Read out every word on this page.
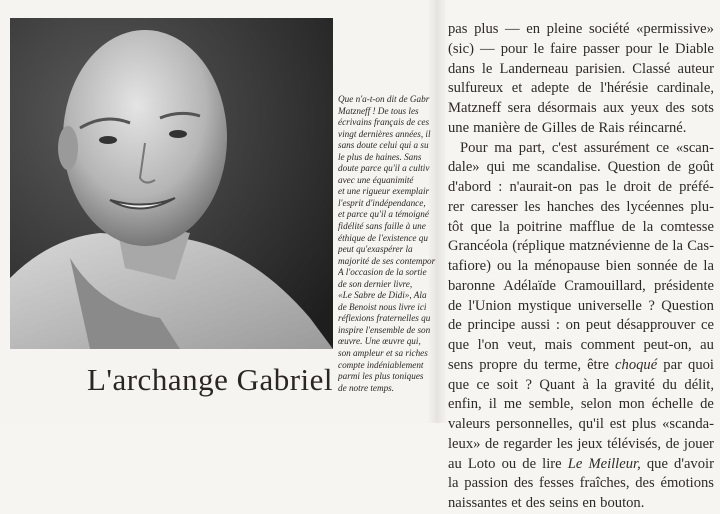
Que n'a-t-on dit de Gabr
Matzneff ! De tous les
écrivains français de ces
vingt dernières années, il
sans doute celui qui a su
le plus de haines. Sans
doute parce qu'il a cultiv
avec une équanimité
et une rigueur exemplair
l'esprit d'indépendance,
et parce qu'il a témoigné
fidélité sans faille à une
éthique de l'existence qu
peut qu'exaspérer la
majorité de ses contempor
A l'occasion de la sortie
de son dernier livre,
«Le Sabre de Didi», Ala
de Benoist nous livre ici
réflexions fraternelles qu
inspire l'ensemble de son
œuvre. Une œuvre qui,
son ampleur et sa riches
compte indéniablement
parmi les plus toniques
de notre temps.
L'archange Gabriel
pas plus — en pleine société «permissive»
(sic) — pour le faire passer pour le Diable
dans le Landerneau parisien. Classé auteur
sulfureux et adepte de l'hérésie cardinale,
Matzneff sera désormais aux yeux des sots
une manière de Gilles de Rais réincarné.
Pour ma part, c'est assurément ce «scan-
dale» qui me scandalise. Question de goût
d'abord : n'aurait-on pas le droit de préfé-
rer caresser les hanches des lycéennes plu-
tôt que la poitrine mafflue de la comtesse
Grancéola (réplique matznévienne de la Cas-
tafiore) ou la ménopause bien sonnée de la
baronne Adélaïde Cramouillard, présidente
de l'Union mystique universelle ? Question
de principe aussi : on peut désapprouver ce
que l'on veut, mais comment peut-on, au
sens propre du terme, être choqué par quoi
que ce soit ? Quant à la gravité du délit,
enfin, il me semble, selon mon échelle de
valeurs personnelles, qu'il est plus «scanda-
leux» de regarder les jeux télévisés, de jouer
au Loto ou de lire Le Meilleur, que d'avoir
la passion des fesses fraîches, des émotions
naissantes et des seins en bouton.
